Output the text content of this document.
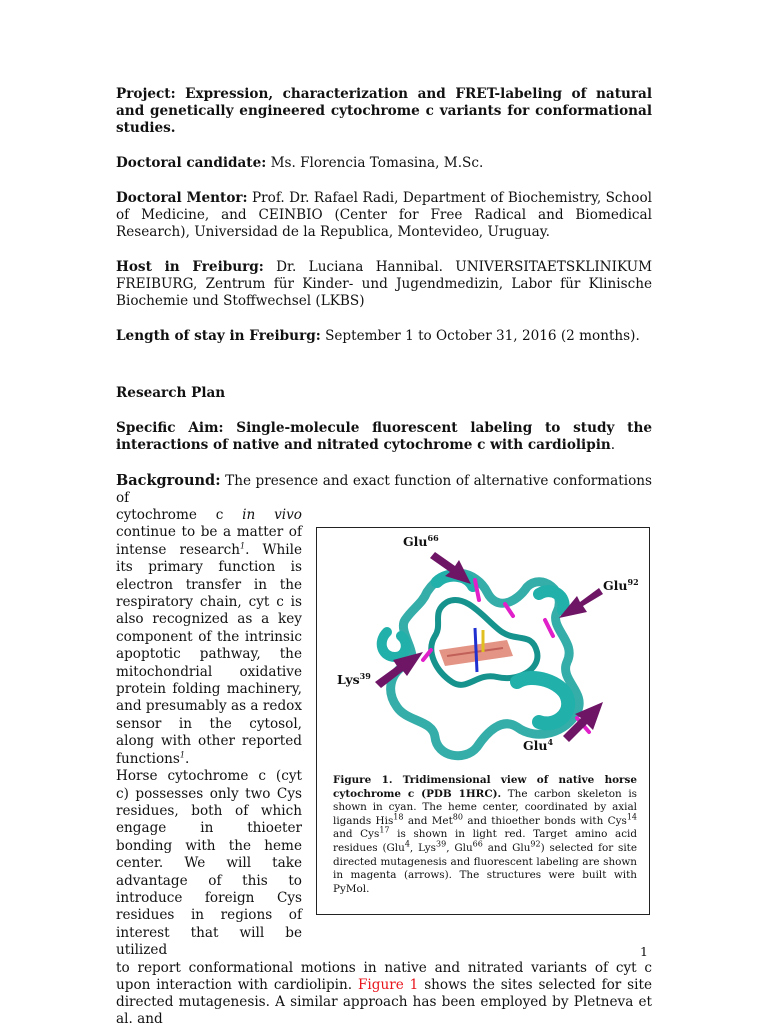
Project: Expression, characterization and FRET-labeling of natural and genetically engineered cytochrome c variants for conformational studies.

Doctoral candidate: Ms. Florencia Tomasina, M.Sc.

Doctoral Mentor: Prof. Dr. Rafael Radi, Department of Biochemistry, School of Medicine, and CEINBIO (Center for Free Radical and Biomedical Research), Universidad de la Republica, Montevideo, Uruguay.

Host in Freiburg: Dr. Luciana Hannibal. UNIVERSITAETSKLINIKUM FREIBURG, Zentrum für Kinder- und Jugendmedizin, Labor für Klinische Biochemie und Stoffwechsel (LKBS)

Length of stay in Freiburg: September 1 to October 31, 2016 (2 months).

Research Plan

Specific Aim: Single-molecule fluorescent labeling to study the interactions of native and nitrated cytochrome c with cardiolipin.

Background: The presence and exact function of alternative conformations of

Glu$^{66}$
Glu$^{92}$
Lys$^{39}$
Glu$^4$
Figure 1. Tridimensional view of native horse cytochrome c (PDB 1HRC). The carbon skeleton is shown in cyan. The heme center, coordinated by axial ligands His$^{18}$ and Met$^{80}$ and thioether bonds with Cys$^{14}$ and Cys$^{17}$ is shown in light red. Target amino acid residues (Glu$^4$, Lys$^{39}$, Glu$^{66}$ and Glu$^{92}$) selected for site directed mutagenesis and fluorescent labeling are shown in magenta (arrows). The structures were built with PyMol.

cytochrome c in vivo continue to be a matter of intense research$^1$. While its primary function is electron transfer in the respiratory chain, cyt c is also recognized as a key component of the intrinsic apoptotic pathway, the mitochondrial oxidative protein folding machinery, and presumably as a redox sensor in the cytosol, along with other reported functions$^1$.

Horse cytochrome c (cyt c) possesses only two Cys residues, both of which engage in thioeter bonding with the heme center. We will take advantage of this to introduce foreign Cys residues in regions of interest that will be utilized

to report conformational motions in native and nitrated variants of cyt c upon interaction with cardiolipin. Figure 1 shows the sites selected for site directed mutagenesis. A similar approach has been employed by Pletneva et al. and

1
